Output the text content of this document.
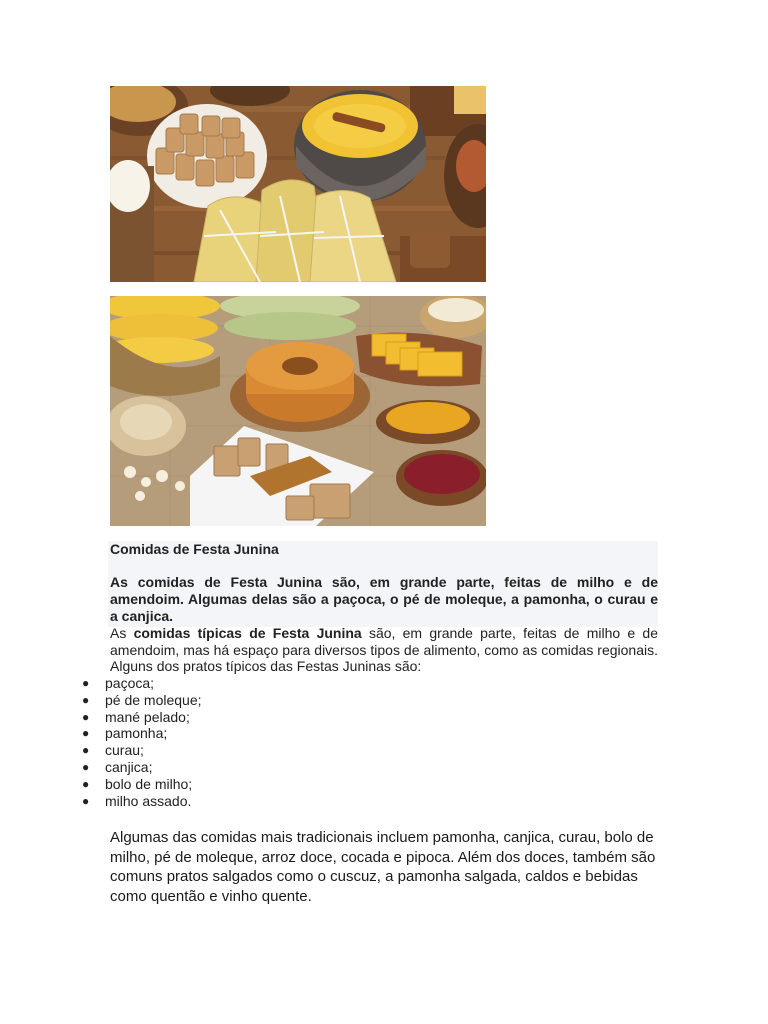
Comidas de Festa Junina

As comidas de Festa Junina são, em grande parte, feitas de milho e de amendoim. Algumas delas são a paçoca, o pé de moleque, a pamonha, o curau e a canjica.

As comidas típicas de Festa Junina são, em grande parte, feitas de milho e de amendoim, mas há espaço para diversos tipos de alimento, como as comidas regionais. Alguns dos pratos típicos das Festas Juninas são:

● paçoca;
● pé de moleque;
● mané pelado;
● pamonha;
● curau;
● canjica;
● bolo de milho;
● milho assado.

Algumas das comidas mais tradicionais incluem pamonha, canjica, curau, bolo de milho, pé de moleque, arroz doce, cocada e pipoca. Além dos doces, também são comuns pratos salgados como o cuscuz, a pamonha salgada, caldos e bebidas como quentão e vinho quente.
